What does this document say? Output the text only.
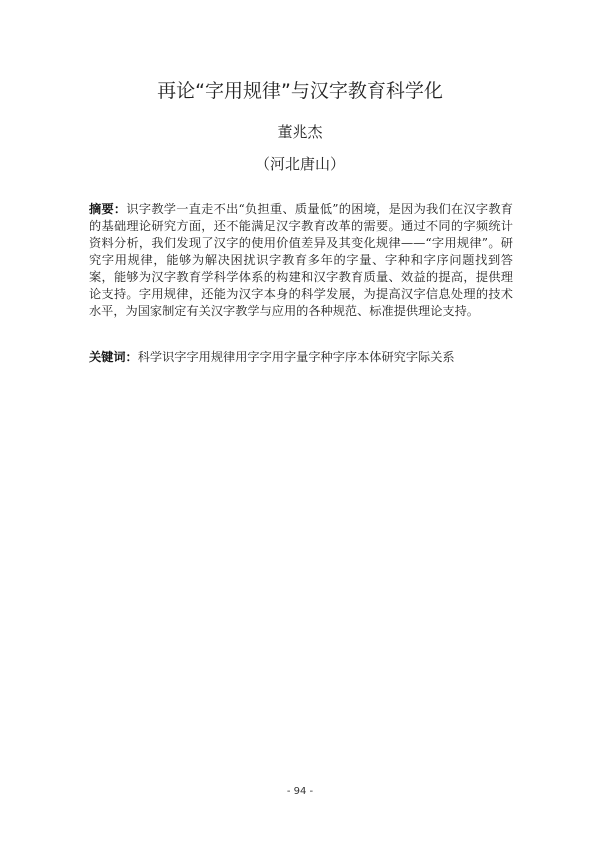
再论“字用规律”与汉字教育科学化
董兆杰
（河北唐山）
摘要：识字教学一直走不出“负担重、质量低”的困境，是因为我们在汉字教育的基础理论研究方面，还不能满足汉字教育改革的需要。通过不同的字频统计资料分析，我们发现了汉字的使用价值差异及其变化规律——“字用规律”。研究字用规律，能够为解决困扰识字教育多年的字量、字种和字序问题找到答案，能够为汉字教育学科学体系的构建和汉字教育质量、效益的提高，提供理论支持。字用规律，还能为汉字本身的科学发展，为提高汉字信息处理的技术水平，为国家制定有关汉字教学与应用的各种规范、标准提供理论支持。
关键词：科学识字字用规律用字字用字量字种字序本体研究字际关系
- 94 -
